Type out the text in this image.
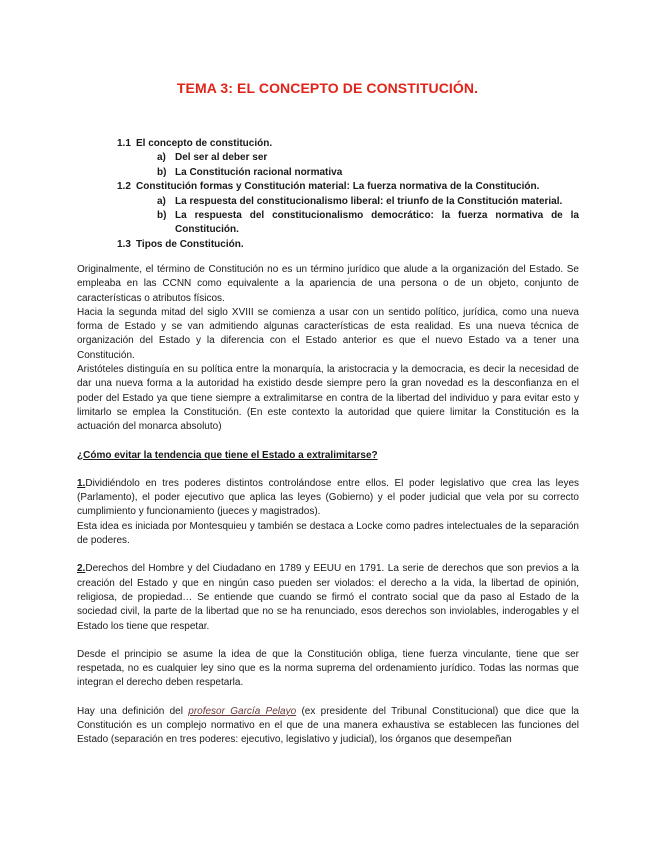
TEMA 3: EL CONCEPTO DE CONSTITUCIÓN.
1.1 El concepto de constitución.
a) Del ser al deber ser
b) La Constitución racional normativa
1.2 Constitución formas y Constitución material: La fuerza normativa de la Constitución.
a) La respuesta del constitucionalismo liberal: el triunfo de la Constitución material.
b) La respuesta del constitucionalismo democrático: la fuerza normativa de la Constitución.
1.3 Tipos de Constitución.

Originalmente, el término de Constitución no es un término jurídico que alude a la organización del Estado. Se empleaba en las CCNN como equivalente a la apariencia de una persona o de un objeto, conjunto de características o atributos físicos.

Hacia la segunda mitad del siglo XVIII se comienza a usar con un sentido político, jurídica, como una nueva forma de Estado y se van admitiendo algunas características de esta realidad. Es una nueva técnica de organización del Estado y la diferencia con el Estado anterior es que el nuevo Estado va a tener una Constitución.

Aristóteles distinguía en su política entre la monarquía, la aristocracia y la democracia, es decir la necesidad de dar una nueva forma a la autoridad ha existido desde siempre pero la gran novedad es la desconfianza en el poder del Estado ya que tiene siempre a extralimitarse en contra de la libertad del individuo y para evitar esto y limitarlo se emplea la Constitución. (En este contexto la autoridad que quiere limitar la Constitución es la actuación del monarca absoluto)

¿Cómo evitar la tendencia que tiene el Estado a extralimitarse?

1.Dividiéndolo en tres poderes distintos controlándose entre ellos. El poder legislativo que crea las leyes (Parlamento), el poder ejecutivo que aplica las leyes (Gobierno) y el poder judicial que vela por su correcto cumplimiento y funcionamiento (jueces y magistrados).

Esta idea es iniciada por Montesquieu y también se destaca a Locke como padres intelectuales de la separación de poderes.

2.Derechos del Hombre y del Ciudadano en 1789 y EEUU en 1791. La serie de derechos que son previos a la creación del Estado y que en ningún caso pueden ser violados: el derecho a la vida, la libertad de opinión, religiosa, de propiedad… Se entiende que cuando se firmó el contrato social que da paso al Estado de la sociedad civil, la parte de la libertad que no se ha renunciado, esos derechos son inviolables, inderogables y el Estado los tiene que respetar.

Desde el principio se asume la idea de que la Constitución obliga, tiene fuerza vinculante, tiene que ser respetada, no es cualquier ley sino que es la norma suprema del ordenamiento jurídico. Todas las normas que integran el derecho deben respetarla.

Hay una definición del profesor García Pelayo (ex presidente del Tribunal Constitucional) que dice que la Constitución es un complejo normativo en el que de una manera exhaustiva se establecen las funciones del Estado (separación en tres poderes: ejecutivo, legislativo y judicial), los órganos que desempeñan
